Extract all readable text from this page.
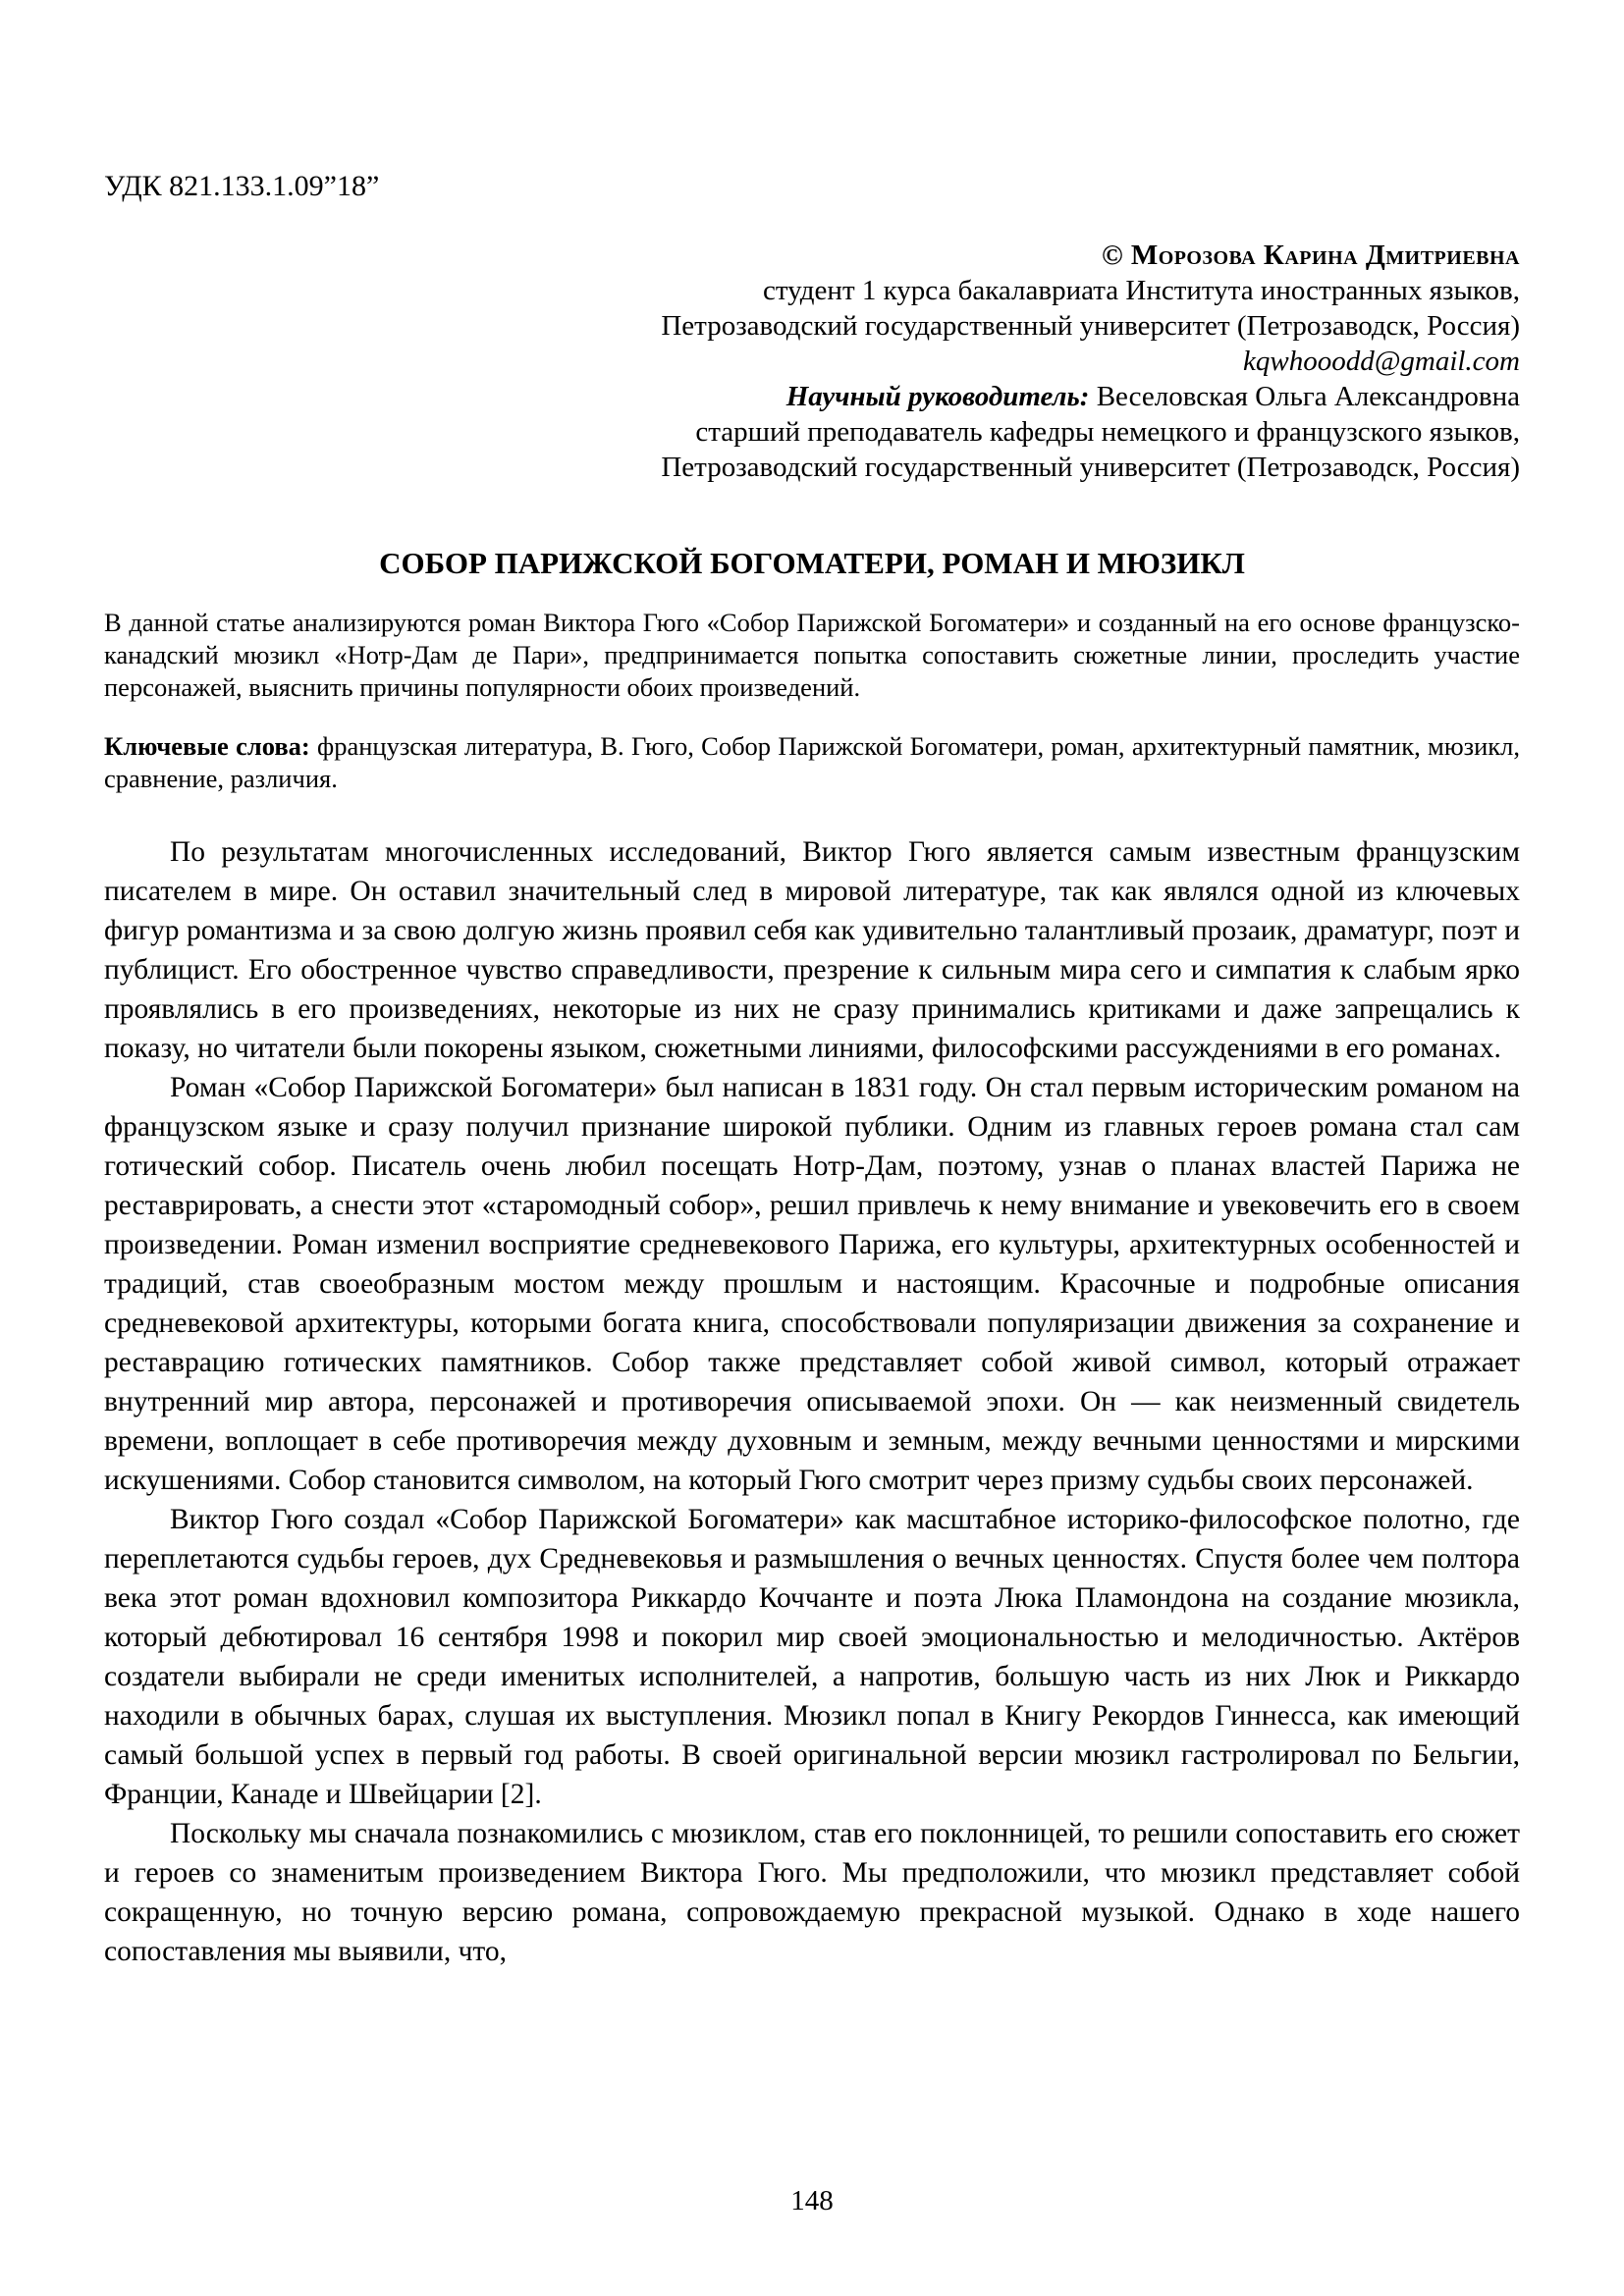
УДК 821.133.1.09”18”
© Морозова Карина Дмитриевна
студент 1 курса бакалавриата Института иностранных языков,
Петрозаводский государственный университет (Петрозаводск, Россия)
kqwhooodd@gmail.com
Научный руководитель: Веселовская Ольга Александровна
старший преподаватель кафедры немецкого и французского языков,
Петрозаводский государственный университет (Петрозаводск, Россия)
СОБОР ПАРИЖСКОЙ БОГОМАТЕРИ, РОМАН И МЮЗИКЛ

В данной статье анализируются роман Виктора Гюго «Собор Парижской Богоматери» и созданный на его основе французско-канадский мюзикл «Нотр-Дам де Пари», предпринимается попытка сопоставить сюжетные линии, проследить участие персонажей, выяснить причины популярности обоих произведений.

Ключевые слова: французская литература, В. Гюго, Собор Парижской Богоматери, роман, архитектурный памятник, мюзикл, сравнение, различия.

По результатам многочисленных исследований, Виктор Гюго является самым известным французским писателем в мире. Он оставил значительный след в мировой литературе, так как являлся одной из ключевых фигур романтизма и за свою долгую жизнь проявил себя как удивительно талантливый прозаик, драматург, поэт и публицист. Его обостренное чувство справедливости, презрение к сильным мира сего и симпатия к слабым ярко проявлялись в его произведениях, некоторые из них не сразу принимались критиками и даже запрещались к показу, но читатели были покорены языком, сюжетными линиями, философскими рассуждениями в его романах.

Роман «Собор Парижской Богоматери» был написан в 1831 году. Он стал первым историческим романом на французском языке и сразу получил признание широкой публики. Одним из главных героев романа стал сам готический собор. Писатель очень любил посещать Нотр-Дам, поэтому, узнав о планах властей Парижа не реставрировать, а снести этот «старомодный собор», решил привлечь к нему внимание и увековечить его в своем произведении. Роман изменил восприятие средневекового Парижа, его культуры, архитектурных особенностей и традиций, став своеобразным мостом между прошлым и настоящим. Красочные и подробные описания средневековой архитектуры, которыми богата книга, способствовали популяризации движения за сохранение и реставрацию готических памятников. Собор также представляет собой живой символ, который отражает внутренний мир автора, персонажей и противоречия описываемой эпохи. Он — как неизменный свидетель времени, воплощает в себе противоречия между духовным и земным, между вечными ценностями и мирскими искушениями. Собор становится символом, на который Гюго смотрит через призму судьбы своих персонажей.

Виктор Гюго создал «Собор Парижской Богоматери» как масштабное историко-философское полотно, где переплетаются судьбы героев, дух Средневековья и размышления о вечных ценностях. Спустя более чем полтора века этот роман вдохновил композитора Риккардо Коччанте и поэта Люка Пламондона на создание мюзикла, который дебютировал 16 сентября 1998 и покорил мир своей эмоциональностью и мелодичностью. Актёров создатели выбирали не среди именитых исполнителей, а напротив, большую часть из них Люк и Риккардо находили в обычных барах, слушая их выступления. Мюзикл попал в Книгу Рекордов Гиннесса, как имеющий самый большой успех в первый год работы. В своей оригинальной версии мюзикл гастролировал по Бельгии, Франции, Канаде и Швейцарии [2].

Поскольку мы сначала познакомились с мюзиклом, став его поклонницей, то решили сопоставить его сюжет и героев со знаменитым произведением Виктора Гюго. Мы предположили, что мюзикл представляет собой сокращенную, но точную версию романа, сопровождаемую прекрасной музыкой. Однако в ходе нашего сопоставления мы выявили, что,

148
